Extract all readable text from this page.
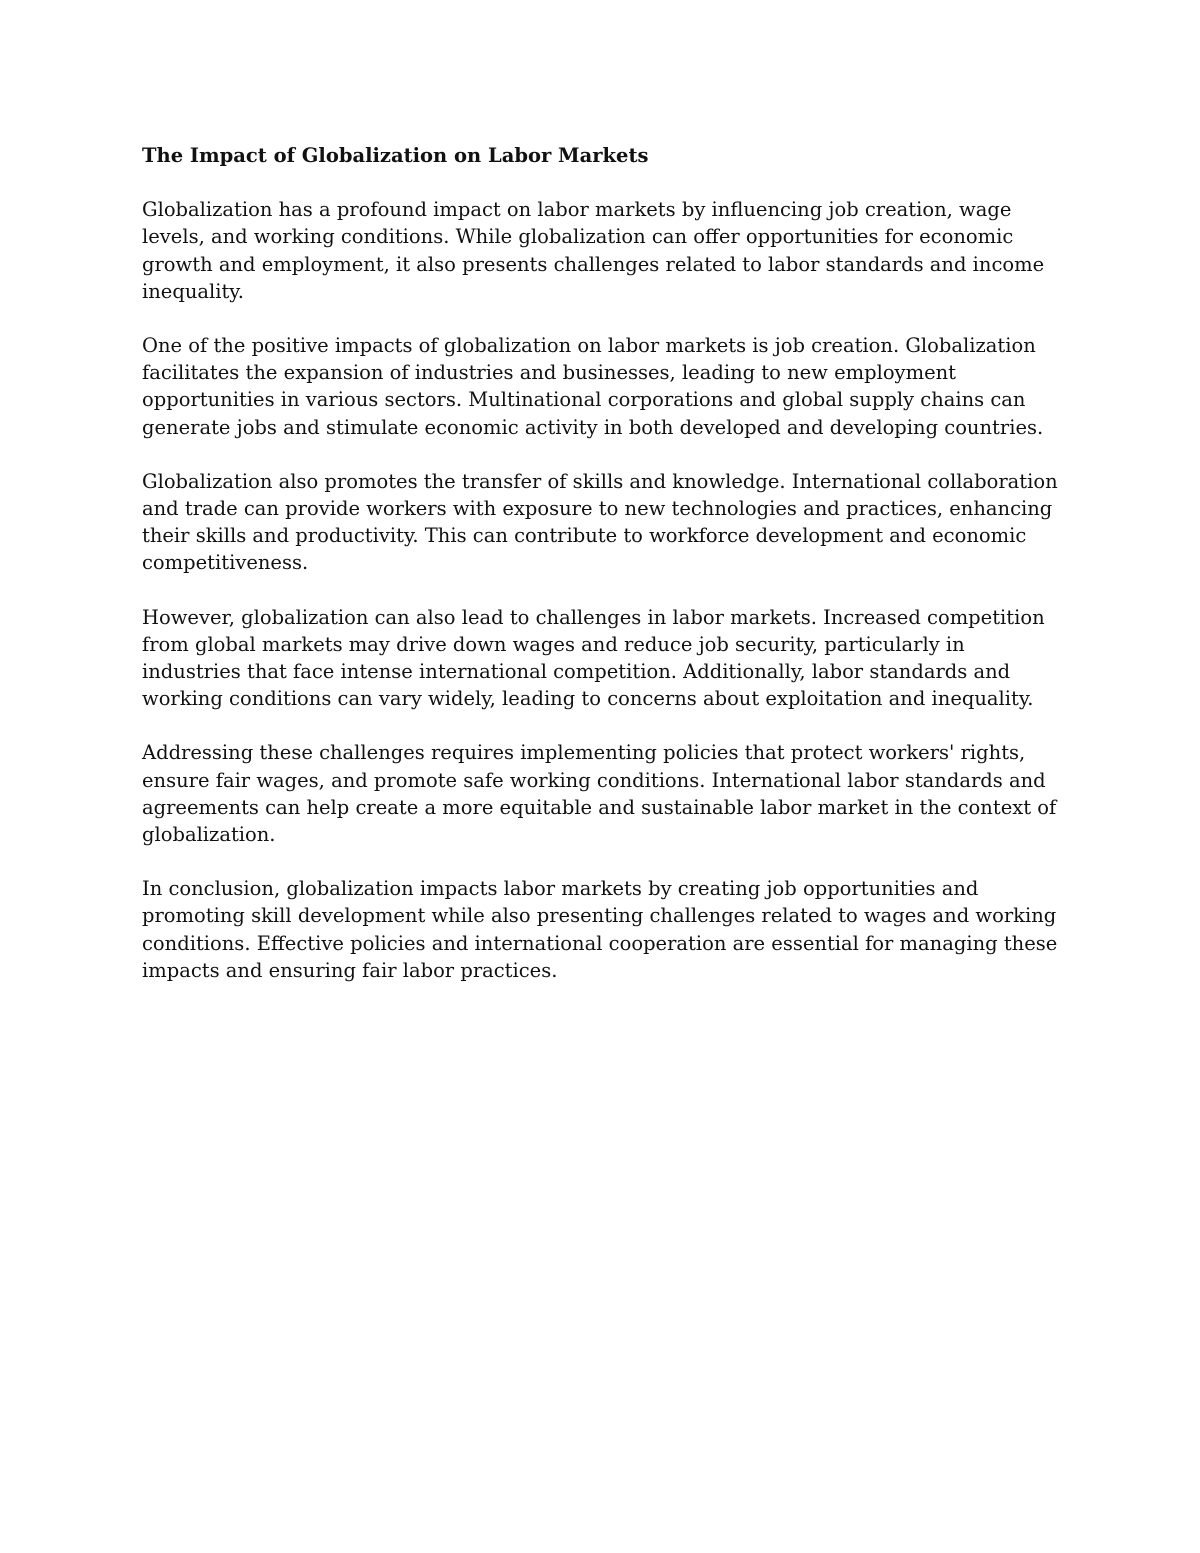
The Impact of Globalization on Labor Markets

Globalization has a profound impact on labor markets by influencing job creation, wage levels, and working conditions. While globalization can offer opportunities for economic growth and employment, it also presents challenges related to labor standards and income inequality.

One of the positive impacts of globalization on labor markets is job creation. Globalization facilitates the expansion of industries and businesses, leading to new employment opportunities in various sectors. Multinational corporations and global supply chains can generate jobs and stimulate economic activity in both developed and developing countries.

Globalization also promotes the transfer of skills and knowledge. International collaboration and trade can provide workers with exposure to new technologies and practices, enhancing their skills and productivity. This can contribute to workforce development and economic competitiveness.

However, globalization can also lead to challenges in labor markets. Increased competition from global markets may drive down wages and reduce job security, particularly in industries that face intense international competition. Additionally, labor standards and working conditions can vary widely, leading to concerns about exploitation and inequality.

Addressing these challenges requires implementing policies that protect workers' rights, ensure fair wages, and promote safe working conditions. International labor standards and agreements can help create a more equitable and sustainable labor market in the context of globalization.

In conclusion, globalization impacts labor markets by creating job opportunities and promoting skill development while also presenting challenges related to wages and working conditions. Effective policies and international cooperation are essential for managing these impacts and ensuring fair labor practices.
